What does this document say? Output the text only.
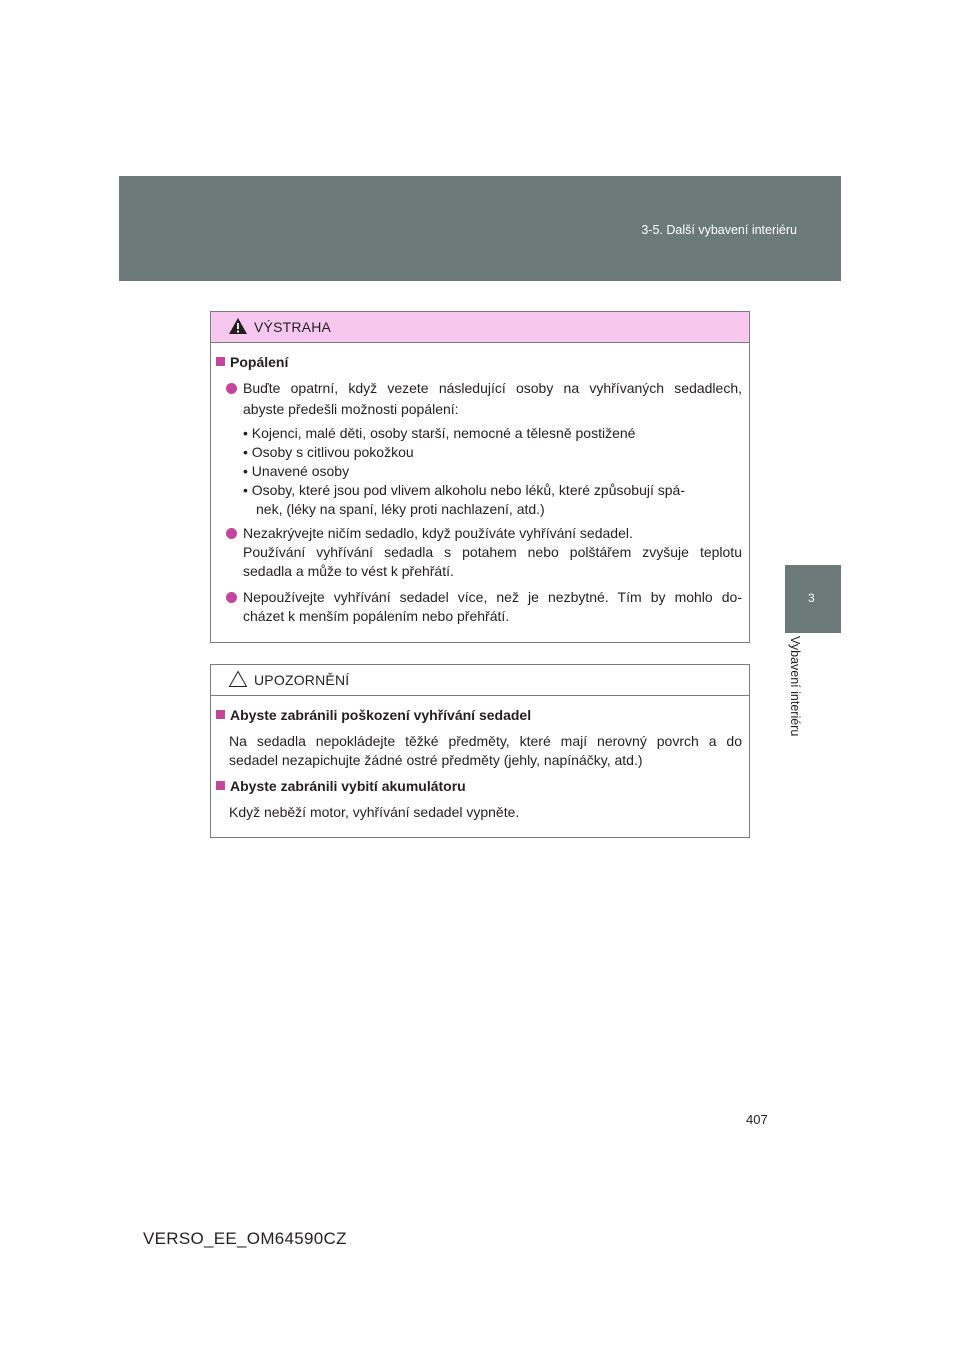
3-5. Další vybavení interiéru
3
Vybavení interiéru
VÝSTRAHA
Popálení
Buďte opatrní, když vezete následující osoby na vyhřívaných sedadlech,
abyste předešli možnosti popálení:
• Kojenci, malé děti, osoby starší, nemocné a tělesně postižené
• Osoby s citlivou pokožkou
• Unavené osoby
• Osoby, které jsou pod vlivem alkoholu nebo léků, které způsobují spá-
nek, (léky na spaní, léky proti nachlazení, atd.)
Nezakrývejte ničím sedadlo, když používáte vyhřívání sedadel.
Používání vyhřívání sedadla s potahem nebo polštářem zvyšuje teplotu
sedadla a může to vést k přehřátí.
Nepoužívejte vyhřívání sedadel více, než je nezbytné. Tím by mohlo do-
cházet k menším popálením nebo přehřátí.
UPOZORNĚNÍ
Abyste zabránili poškození vyhřívání sedadel
Na sedadla nepokládejte těžké předměty, které mají nerovný povrch a do
sedadel nezapichujte žádné ostré předměty (jehly, napínáčky, atd.)
Abyste zabránili vybití akumulátoru
Když neběží motor, vyhřívání sedadel vypněte.
407
VERSO_EE_OM64590CZ
